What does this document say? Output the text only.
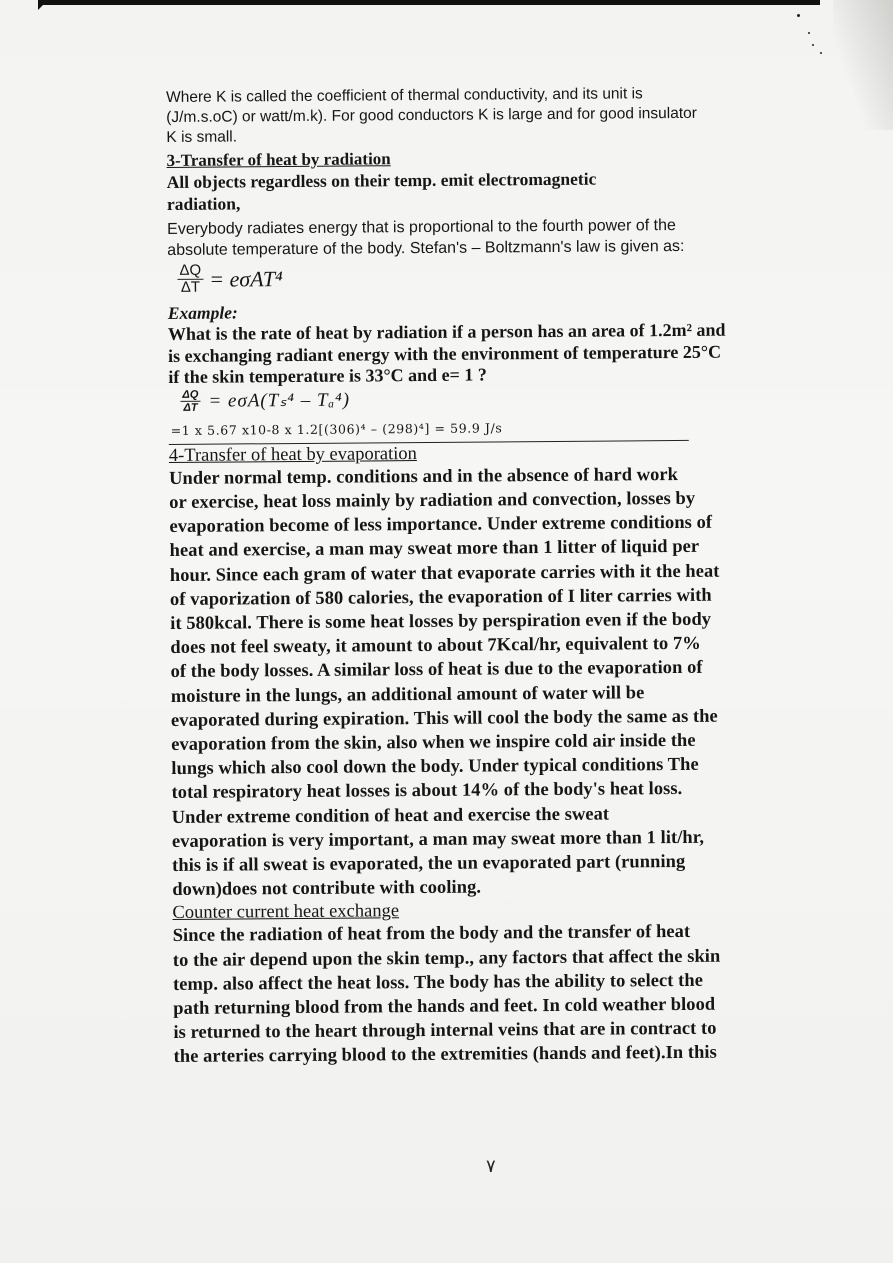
Where K is called the coefficient of thermal conductivity, and its unit is

(J/m.s.oC) or watt/m.k). For good conductors K is large and for good insulator

K is small.

3-Transfer of heat by radiation

All objects regardless on their temp. emit electromagnetic

radiation,

Everybody radiates energy that is proportional to the fourth power of the

absolute temperature of the body. Stefan's – Boltzmann's law is given as:

$\frac{\Delta Q}{\Delta T} = e\sigma AT^4$

Example:

What is the rate of heat by radiation if a person has an area of 1.2m² and

is exchanging radiant energy with the environment of temperature 25°C

if the skin temperature is 33°C and e= 1 ?

$\frac{\Delta Q}{\Delta T} = e\sigma A(T_s^4 - T_a^4)$

=1 x 5.67 x10-8 x 1.2[(306)⁴ – (298)⁴] = 59.9 J/s

4-Transfer of heat by evaporation

Under normal temp. conditions and in the absence of hard work

or exercise, heat loss mainly by radiation and convection, losses by

evaporation become of less importance. Under extreme conditions of

heat and exercise, a man may sweat more than 1 litter of liquid per

hour. Since each gram of water that evaporate carries with it the heat

of vaporization of 580 calories, the evaporation of I liter carries with

it 580kcal. There is some heat losses by perspiration even if the body

does not feel sweaty, it amount to about 7Kcal/hr, equivalent to 7%

of the body losses. A similar loss of heat is due to the evaporation of

moisture in the lungs, an additional amount of water will be

evaporated during expiration. This will cool the body the same as the

evaporation from the skin, also when we inspire cold air inside the

lungs which also cool down the body. Under typical conditions The

total respiratory heat losses is about 14% of the body's heat loss.

Under extreme condition of heat and exercise the sweat

evaporation is very important, a man may sweat more than 1 lit/hr,

this is if all sweat is evaporated, the un evaporated part (running

down)does not contribute with cooling.

Counter current heat exchange

Since the radiation of heat from the body and the transfer of heat

to the air depend upon the skin temp., any factors that affect the skin

temp. also affect the heat loss. The body has the ability to select the

path returning blood from the hands and feet. In cold weather blood

is returned to the heart through internal veins that are in contract to

the arteries carrying blood to the extremities (hands and feet).In this

٧
